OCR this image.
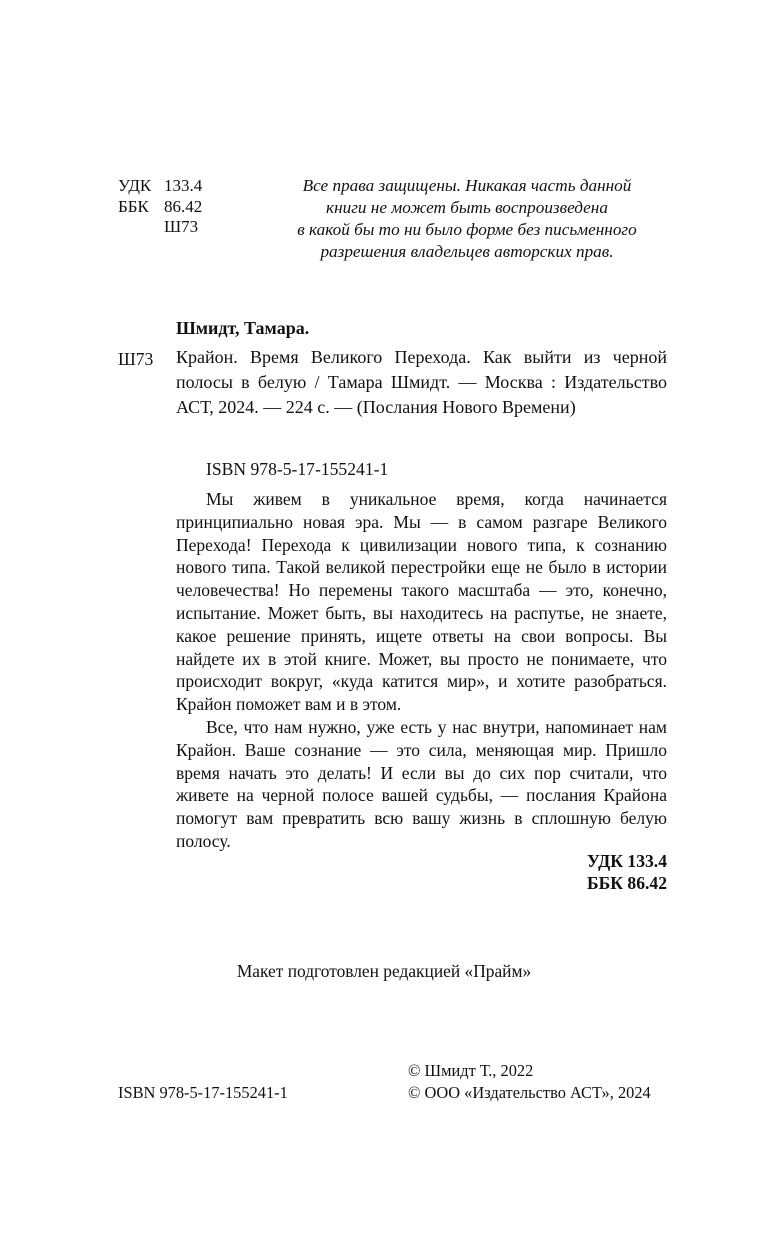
УДК 133.4
ББК 86.42
Ш73
Все права защищены. Никакая часть данной
книги не может быть воспроизведена
в какой бы то ни было форме без письменного
разрешения владельцев авторских прав.
Шмидт, Тамара.
Ш73 Крайон. Время Великого Перехода. Как выйти из черной полосы в белую / Тамара Шмидт. — Москва : Издательство АСТ, 2024. — 224 с. — (Послания Нового Времени)
ISBN 978-5-17-155241-1

Мы живем в уникальное время, когда начинается принципиально новая эра. Мы — в самом разгаре Великого Перехода! Перехода к цивилизации нового типа, к сознанию нового типа. Такой великой перестройки еще не было в истории человечества! Но перемены такого масштаба — это, конечно, испытание. Может быть, вы находитесь на распутье, не знаете, какое решение принять, ищете ответы на свои вопросы. Вы найдете их в этой книге. Может, вы просто не понимаете, что происходит вокруг, «куда катится мир», и хотите разобраться. Крайон поможет вам и в этом.

Все, что нам нужно, уже есть у нас внутри, напоминает нам Крайон. Ваше сознание — это сила, меняющая мир. Пришло время начать это делать! И если вы до сих пор считали, что живете на черной полосе вашей судьбы, — послания Крайона помогут вам превратить всю вашу жизнь в сплошную белую полосу.

УДК 133.4
ББК 86.42
Макет подготовлен редакцией «Прайм»
© Шмидт Т., 2022
© ООО «Издательство АСТ», 2024
ISBN 978-5-17-155241-1
